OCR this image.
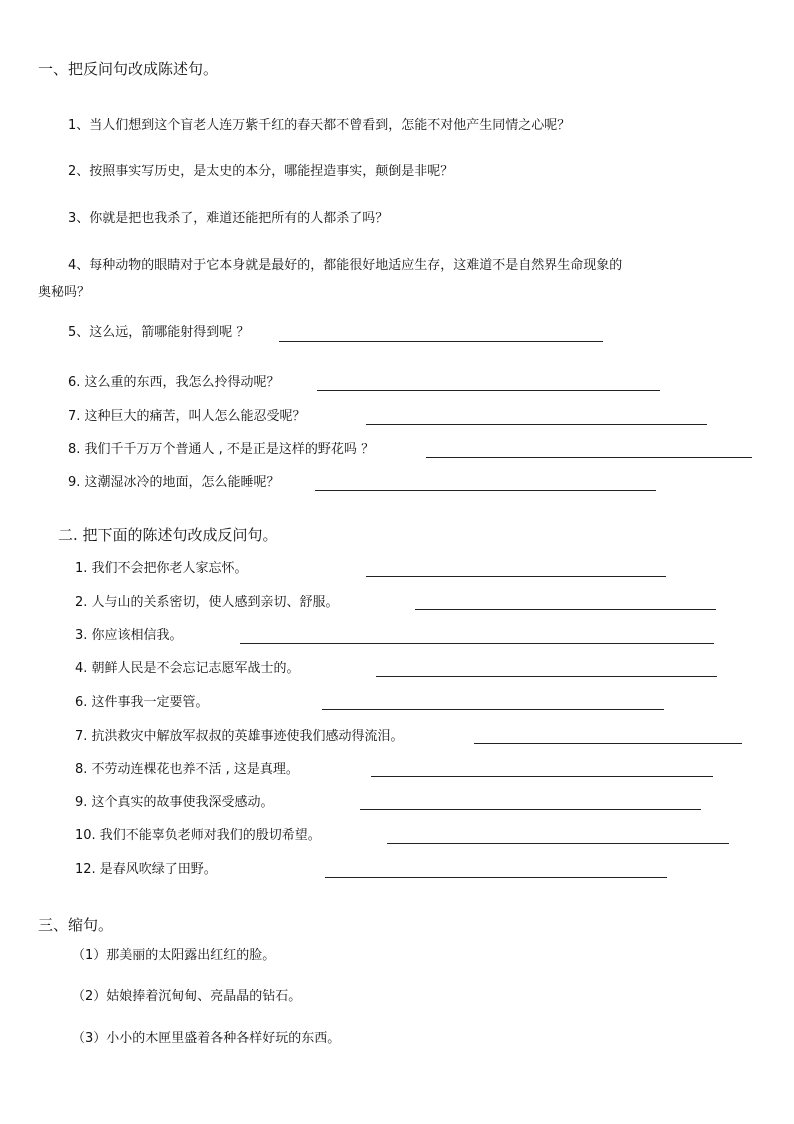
一、把反问句改成陈述句。
1、当人们想到这个盲老人连万紫千红的春天都不曾看到，怎能不对他产生同情之心呢？
2、按照事实写历史，是太史的本分，哪能捏造事实，颠倒是非呢？
3、你就是把也我杀了，难道还能把所有的人都杀了吗？
4、每种动物的眼睛对于它本身就是最好的，都能很好地适应生存，这难道不是自然界生命现象的
奥秘吗？
5、这么远，箭哪能射得到呢 ？
6. 这么重的东西，我怎么拎得动呢？
7. 这种巨大的痛苦，叫人怎么能忍受呢？
8. 我们千千万万个普通人 , 不是正是这样的野花吗 ？
9. 这潮湿冰冷的地面，怎么能睡呢？
二. 把下面的陈述句改成反问句。
1. 我们不会把你老人家忘怀。
2. 人与山的关系密切，使人感到亲切、舒服。
3. 你应该相信我。
4. 朝鲜人民是不会忘记志愿军战士的。
6. 这件事我一定要管。
7. 抗洪救灾中解放军叔叔的英雄事迹使我们感动得流泪。
8. 不劳动连棵花也养不活 , 这是真理。
9. 这个真实的故事使我深受感动。
10. 我们不能辜负老师对我们的殷切希望。
12. 是春风吹绿了田野。
三、缩句。
（1）那美丽的太阳露出红红的脸。
（2）姑娘捧着沉甸甸、亮晶晶的钻石。
（3）小小的木匣里盛着各种各样好玩的东西。
